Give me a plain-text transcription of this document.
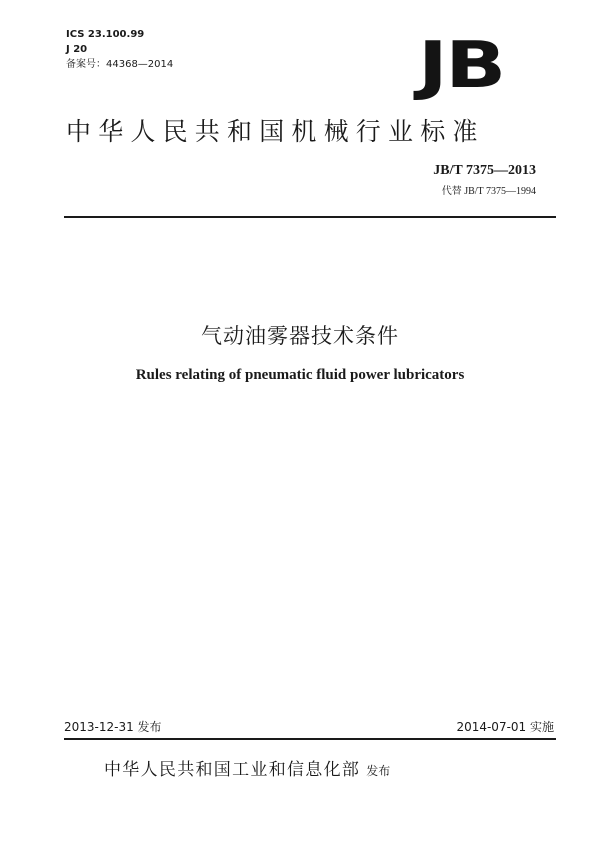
ICS 23.100.99
J 20
备案号：44368—2014	JB
中华人民共和国机械行业标准
JB/T 7375—2013
代替 JB/T 7375—1994
气动油雾器技术条件
Rules relating of pneumatic fluid power lubricators
2013-12-31 发布	2014-07-01 实施
中华人民共和国工业和信息化部 发布
